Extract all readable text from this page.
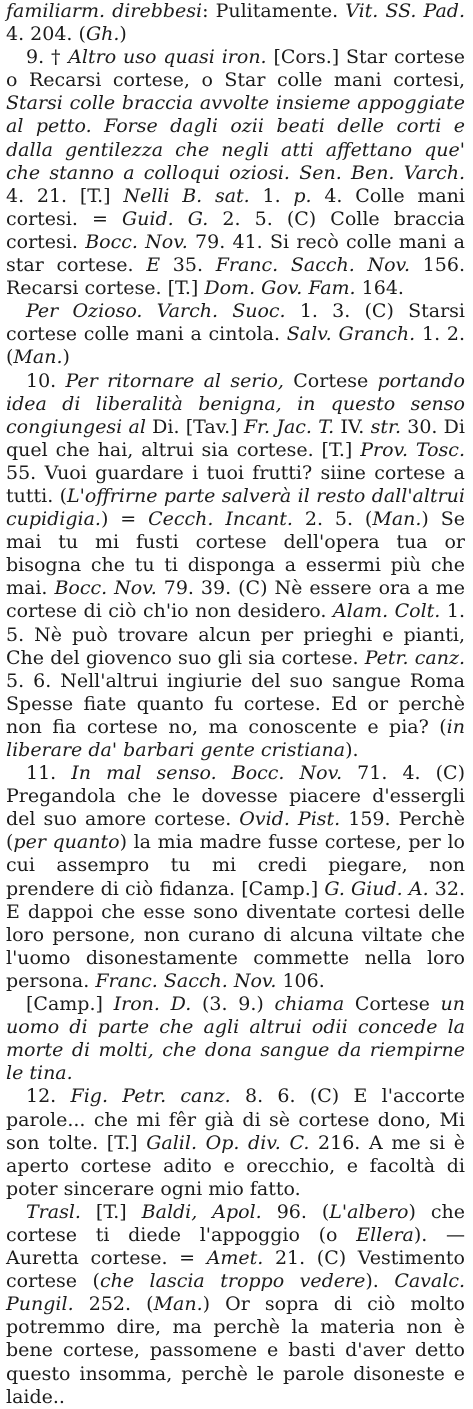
familiarm. direbbesi: Pulitamente. Vit. SS. Pad. 4. 204. (Gh.)

9. † Altro uso quasi iron. [Cors.] Star cortese o Recarsi cortese, o Star colle mani cortesi, Starsi colle braccia avvolte insieme appoggiate al petto. Forse dagli ozii beati delle corti e dalla gentilezza che negli atti affettano que' che stanno a colloqui oziosi. Sen. Ben. Varch. 4. 21. [T.] Nelli B. sat. 1. p. 4. Colle mani cortesi. = Guid. G. 2. 5. (C) Colle braccia cortesi. Bocc. Nov. 79. 41. Si recò colle mani a star cortese. E 35. Franc. Sacch. Nov. 156. Recarsi cortese. [T.] Dom. Gov. Fam. 164.

Per Ozioso. Varch. Suoc. 1. 3. (C) Starsi cortese colle mani a cintola. Salv. Granch. 1. 2. (Man.)

10. Per ritornare al serio, Cortese portando idea di liberalità benigna, in questo senso congiungesi al Di. [Tav.] Fr. Jac. T. IV. str. 30. Di quel che hai, altrui sia cortese. [T.] Prov. Tosc. 55. Vuoi guardare i tuoi frutti? siine cortese a tutti. (L'offrirne parte salverà il resto dall'altrui cupidigia.) = Cecch. Incant. 2. 5. (Man.) Se mai tu mi fusti cortese dell'opera tua or bisogna che tu ti disponga a essermi più che mai. Bocc. Nov. 79. 39. (C) Nè essere ora a me cortese di ciò ch'io non desidero. Alam. Colt. 1. 5. Nè può trovare alcun per prieghi e pianti, Che del giovenco suo gli sia cortese. Petr. canz. 5. 6. Nell'altrui ingiurie del suo sangue Roma Spesse fiate quanto fu cortese. Ed or perchè non fia cortese no, ma conoscente e pia? (in liberare da' barbari gente cristiana).

11. In mal senso. Bocc. Nov. 71. 4. (C) Pregandola che le dovesse piacere d'essergli del suo amore cortese. Ovid. Pist. 159. Perchè (per quanto) la mia madre fusse cortese, per lo cui assempro tu mi credi piegare, non prendere di ciò fidanza. [Camp.] G. Giud. A. 32. E dappoi che esse sono diventate cortesi delle loro persone, non curano di alcuna viltate che l'uomo disonestamente commette nella loro persona. Franc. Sacch. Nov. 106.

[Camp.] Iron. D. (3. 9.) chiama Cortese un uomo di parte che agli altrui odii concede la morte di molti, che dona sangue da riempirne le tina.

12. Fig. Petr. canz. 8. 6. (C) E l'accorte parole... che mi fêr già di sè cortese dono, Mi son tolte. [T.] Galil. Op. div. C. 216. A me si è aperto cortese adito e orecchio, e facoltà di poter sincerare ogni mio fatto.

Trasl. [T.] Baldi, Apol. 96. (L'albero) che cortese ti diede l'appoggio (o Ellera). — Auretta cortese. = Amet. 21. (C) Vestimento cortese (che lascia troppo vedere). Cavalc. Pungil. 252. (Man.) Or sopra di ciò molto potremmo dire, ma perchè la materia non è bene cortese, passomene e basti d'aver detto questo insomma, perchè le parole disoneste e laide..
